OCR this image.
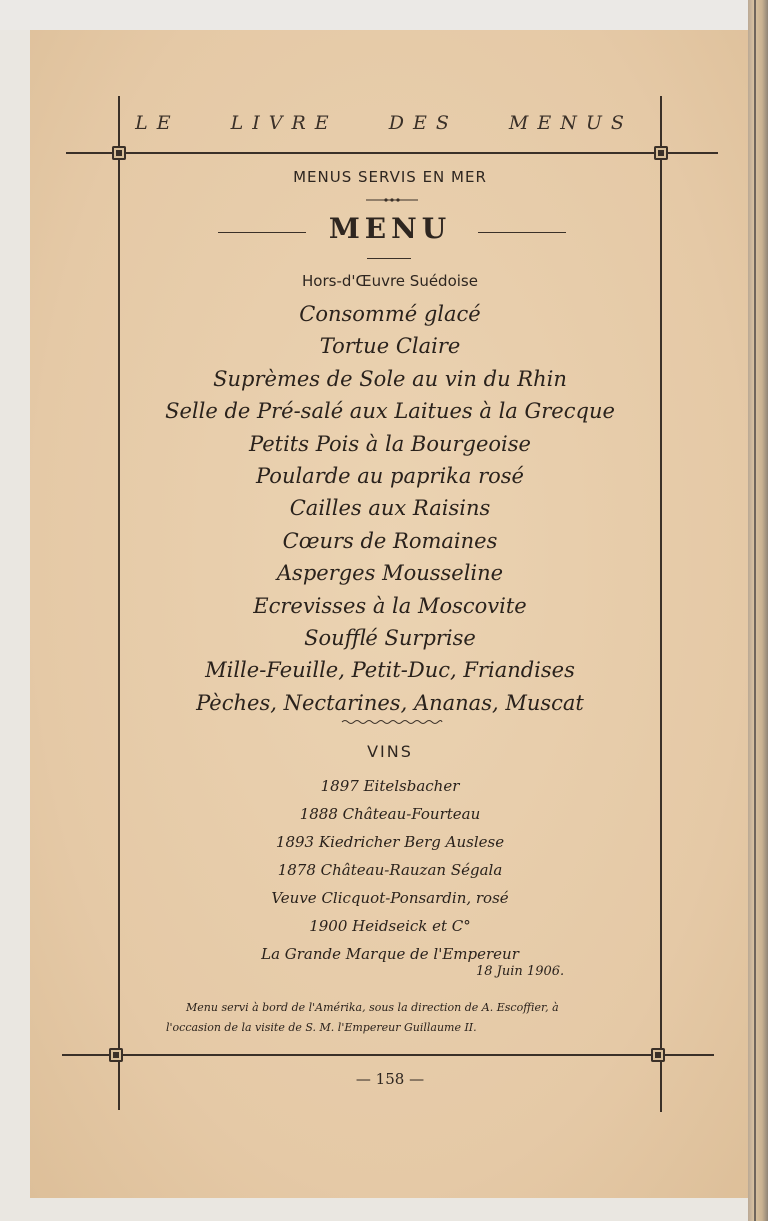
LE	LIVRE	DES	MENUS
MENUS SERVIS EN MER
MENU
Hors-d'Œuvre Suédoise
Consommé glacé
Tortue Claire
Suprèmes de Sole au vin du Rhin
Selle de Pré-salé aux Laitues à la Grecque
Petits Pois à la Bourgeoise
Poularde au paprika rosé
Cailles aux Raisins
Cœurs de Romaines
Asperges Mousseline
Ecrevisses à la Moscovite
Soufflé Surprise
Mille-Feuille, Petit-Duc, Friandises
Pèches, Nectarines, Ananas, Muscat
VINS
1897 Eitelsbacher
1888 Château-Fourteau
1893 Kiedricher Berg Auslese
1878 Château-Rauzan Ségala
Veuve Clicquot-Ponsardin, rosé
1900 Heidseick et C°
La Grande Marque de l'Empereur
18 Juin 1906.
Menu servi à bord de l'Amérika, sous la direction de A. Escoffier, à
l'occasion de la visite de S. M. l'Empereur Guillaume II.
— 158 —
